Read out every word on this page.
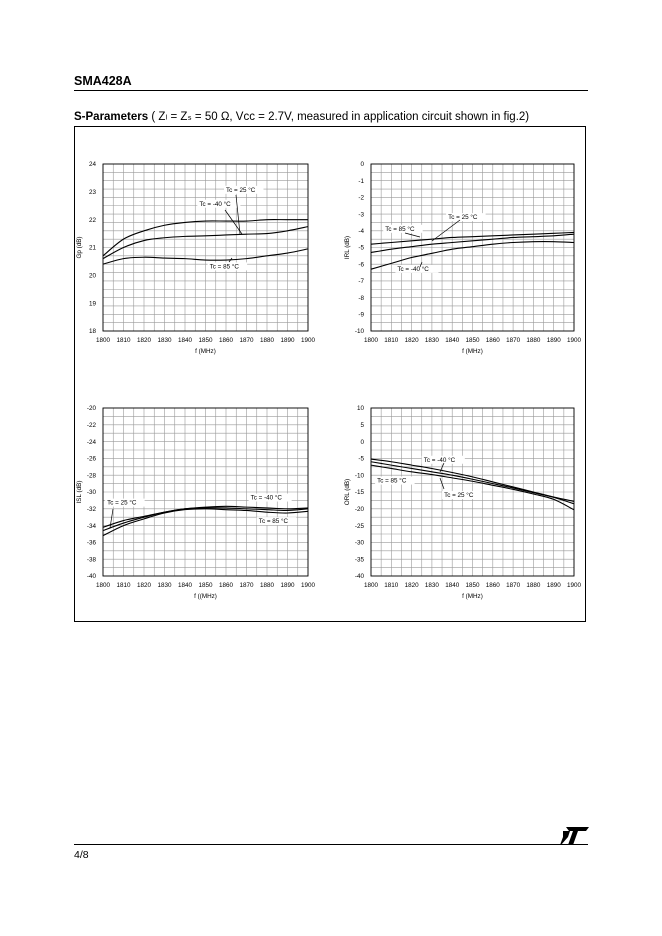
SMA428A
S-Parameters ( Zₗ = Zₛ = 50 Ω, Vcc = 2.7V, measured in application circuit shown in fig.2)
1800 1810 1820 1830 1840 1850 1860 1870 1880 1890 1900
18
19
20
21
22
23
24
f (MHz)
Gp (dB)
Tc = 25 °C
Tc = -40 °C
Tc = 85 °C
1800 1810 1820 1830 1840 1850 1860 1870 1880 1890 1900
0
-1
-2
-3
-4
-5
-6
-7
-8
-9
-10
f (MHz)
IRL (dB)
Tc = 25 °C
Tc = 85 °C
Tc = -40 °C
1800 1810 1820 1830 1840 1850 1860 1870 1880 1890 1900
-20
-22
-24
-26
-28
-30
-32
-34
-36
-38
-40
f ((MHz)
ISL (dB)	Tc = -40 °C
Tc = 25 °C
Tc = 85 °C
1800 1810 1820 1830 1840 1850 1860 1870 1880 1890 1900
10
5
0
-5
-10
-15
-20
-25
-30
-35
-40
f (MHz)
ORL (dB)
Tc = -40 °C
Tc = 85 °C
Tc = 25 °C
4/8
